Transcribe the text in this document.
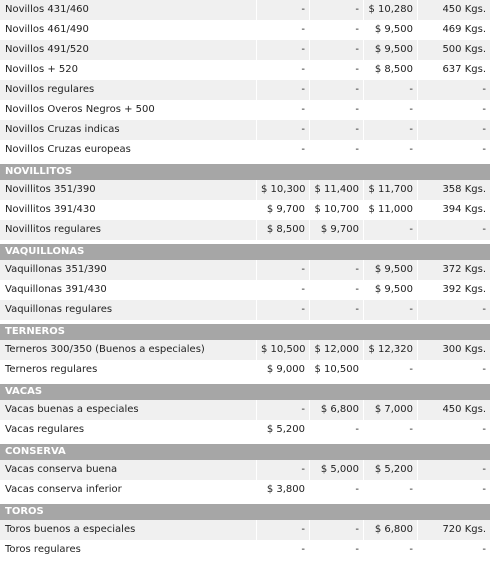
Novillos 431/460	-	-	$ 10,280	450 Kgs.
Novillos 461/490	-	-	$ 9,500	469 Kgs.
Novillos 491/520	-	-	$ 9,500	500 Kgs.
Novillos + 520	-	-	$ 8,500	637 Kgs.
Novillos regulares	-	-	-	-
Novillos Overos Negros + 500	-	-	-	-
Novillos Cruzas indicas	-	-	-	-
Novillos Cruzas europeas	-	-	-	-

NOVILLITOS				
Novillitos 351/390	$ 10,300	$ 11,400	$ 11,700	358 Kgs.
Novillitos 391/430	$ 9,700	$ 10,700	$ 11,000	394 Kgs.
Novillitos regulares	$ 8,500	$ 9,700	-	-

VAQUILLONAS				
Vaquillonas 351/390	-	-	$ 9,500	372 Kgs.
Vaquillonas 391/430	-	-	$ 9,500	392 Kgs.
Vaquillonas regulares	-	-	-	-

TERNEROS				
Terneros 300/350 (Buenos a especiales)	$ 10,500	$ 12,000	$ 12,320	300 Kgs.
Terneros regulares	$ 9,000	$ 10,500	-	-

VACAS				
Vacas buenas a especiales	-	$ 6,800	$ 7,000	450 Kgs.
Vacas regulares	$ 5,200	-	-	-

CONSERVA				
Vacas conserva buena	-	$ 5,000	$ 5,200	-
Vacas conserva inferior	$ 3,800	-	-	-

TOROS				
Toros buenos a especiales	-	-	$ 6,800	720 Kgs.
Toros regulares	-	-	-	-
